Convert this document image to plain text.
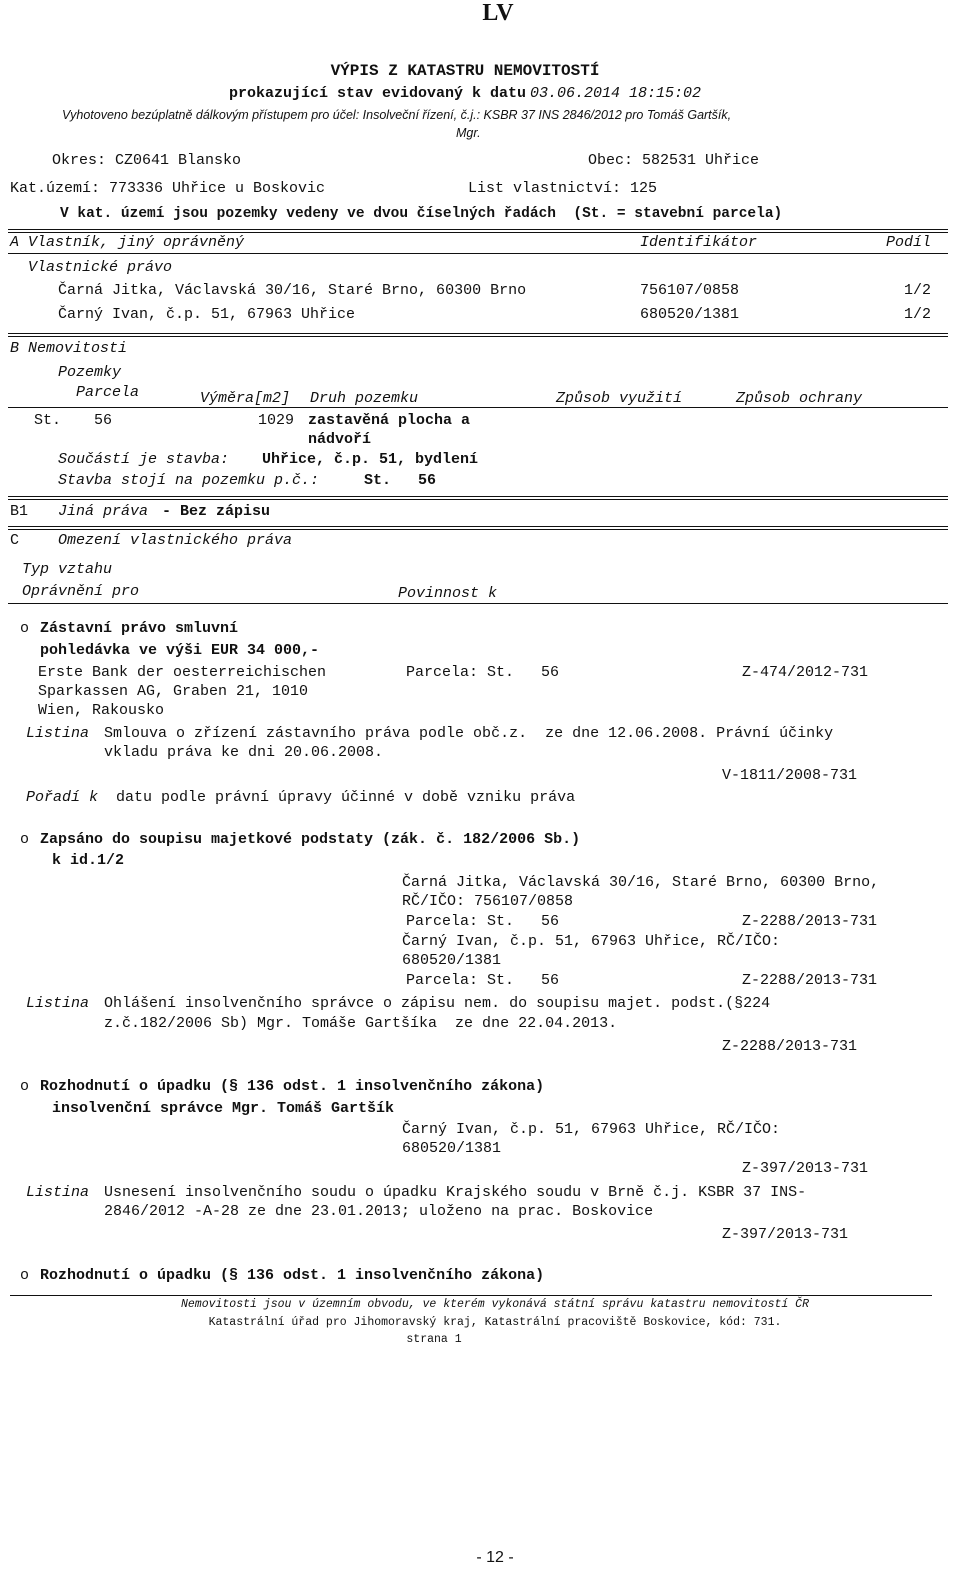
LV
VÝPIS Z KATASTRU NEMOVITOSTÍ
prokazující stav evidovaný k datu 03.06.2014 18:15:02
Vyhotoveno bezúplatně dálkovým přístupem pro účel: Insolveční řízení, č.j.: KSBR 37 INS 2846/2012 pro Tomáš Gartšík,
Mgr.
Okres: CZ0641 Blansko	Obec: 582531 Uhřice
Kat.území: 773336 Uhřice u Boskovic	List vlastnictví: 125
V kat. území jsou pozemky vedeny ve dvou číselných řadách  (St. = stavební parcela)
A Vlastník, jiný oprávněný	Identifikátor	Podíl
Vlastnické právo
Čarná Jitka, Václavská 30/16, Staré Brno, 60300 Brno	756107/0858	1/2
Čarný Ivan, č.p. 51, 67963 Uhřice	680520/1381	1/2
B Nemovitosti
Pozemky
Parcela	Výměra[m2] Druh pozemku	Způsob využití	Způsob ochrany
St. 56	1029 zastavěná plocha a
nádvoří
Součástí je stavba: Uhřice, č.p. 51, bydlení
Stavba stojí na pozemku p.č.:	St.   56
B1 Jiná práva - Bez zápisu
C	Omezení vlastnického práva
Typ vztahu
Oprávnění pro	Povinnost k
o Zástavní právo smluvní
pohledávka ve výši EUR 34 000,-
Erste Bank der oesterreichischen
Sparkassen AG, Graben 21, 1010
Wien, Rakousko
Parcela: St.   56	Z-474/2012-731
Listina Smlouva o zřízení zástavního práva podle obč.z.  ze dne 12.06.2008. Právní účinky
vkladu práva ke dni 20.06.2008.
V-1811/2008-731
Pořadí k datu podle právní úpravy účinné v době vzniku práva
o Zapsáno do soupisu majetkové podstaty (zák. č. 182/2006 Sb.)
k id.1/2
Čarná Jitka, Václavská 30/16, Staré Brno, 60300 Brno,
RČ/IČO: 756107/0858
Parcela: St.   56	Z-2288/2013-731
Čarný Ivan, č.p. 51, 67963 Uhřice, RČ/IČO:
680520/1381
Parcela: St.   56	Z-2288/2013-731
Listina Ohlášení insolvenčního správce o zápisu nem. do soupisu majet. podst.(§224
z.č.182/2006 Sb) Mgr. Tomáše Gartšíka  ze dne 22.04.2013.
Z-2288/2013-731
o Rozhodnutí o úpadku (§ 136 odst. 1 insolvenčního zákona)
insolvenční správce Mgr. Tomáš Gartšík
Čarný Ivan, č.p. 51, 67963 Uhřice, RČ/IČO:
680520/1381
Z-397/2013-731
Listina Usnesení insolvenčního soudu o úpadku Krajského soudu v Brně č.j. KSBR 37 INS-
2846/2012 -A-28 ze dne 23.01.2013; uloženo na prac. Boskovice
Z-397/2013-731
o Rozhodnutí o úpadku (§ 136 odst. 1 insolvenčního zákona)
Nemovitosti jsou v územním obvodu, ve kterém vykonává státní správu katastru nemovitostí ČR
Katastrální úřad pro Jihomoravský kraj, Katastrální pracoviště Boskovice, kód: 731.
strana 1
- 12 -
